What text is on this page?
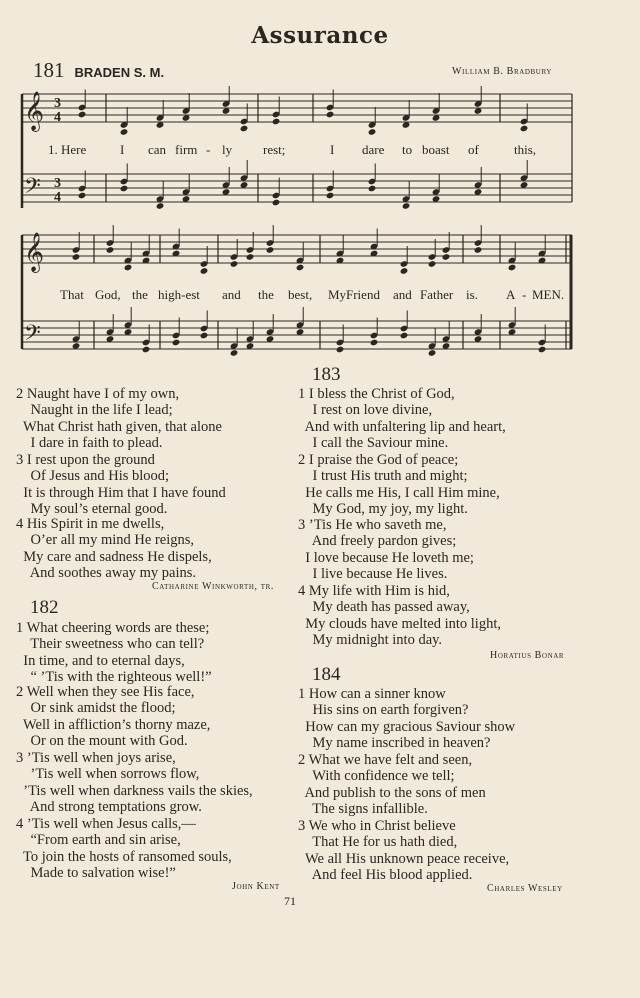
Assurance
181 BRADEN S. M.	William B. Bradbury
𝄞
𝄢
3
4
3
4
𝄞
𝄢
1. Here	I can firm - ly rest;	I dare to boast of	this,
That God, the high-est and the best, My Friend and Father is. A - MEN.
2 Naught have I of my own,
Naught in the life I lead;
What Christ hath given, that alone
I dare in faith to plead.
3 I rest upon the ground
Of Jesus and His blood;
It is through Him that I have found
My soul’s eternal good.
4 His Spirit in me dwells,
O’er all my mind He reigns,
My care and sadness He dispels,
And soothes away my pains.
Catharine Winkworth, tr.
182
1 What cheering words are these;
Their sweetness who can tell?
In time, and to eternal days,
“ ’Tis with the righteous well!”
2 Well when they see His face,
Or sink amidst the flood;
Well in affliction’s thorny maze,
Or on the mount with God.
3 ’Tis well when joys arise,
’Tis well when sorrows flow,
’Tis well when darkness vails the skies,
And strong temptations grow.
4 ’Tis well when Jesus calls,—
“From earth and sin arise,
To join the hosts of ransomed souls,
Made to salvation wise!”
John Kent
183
1 I bless the Christ of God,
I rest on love divine,
And with unfaltering lip and heart,
I call the Saviour mine.
2 I praise the God of peace;
I trust His truth and might;
He calls me His, I call Him mine,
My God, my joy, my light.
3 ’Tis He who saveth me,
And freely pardon gives;
I love because He loveth me;
I live because He lives.
4 My life with Him is hid,
My death has passed away,
My clouds have melted into light,
My midnight into day.
Horatius Bonar
184
1 How can a sinner know
His sins on earth forgiven?
How can my gracious Saviour show
My name inscribed in heaven?
2 What we have felt and seen,
With confidence we tell;
And publish to the sons of men
The signs infallible.
3 We who in Christ believe
That He for us hath died,
We all His unknown peace receive,
And feel His blood applied.
Charles Wesley
71
